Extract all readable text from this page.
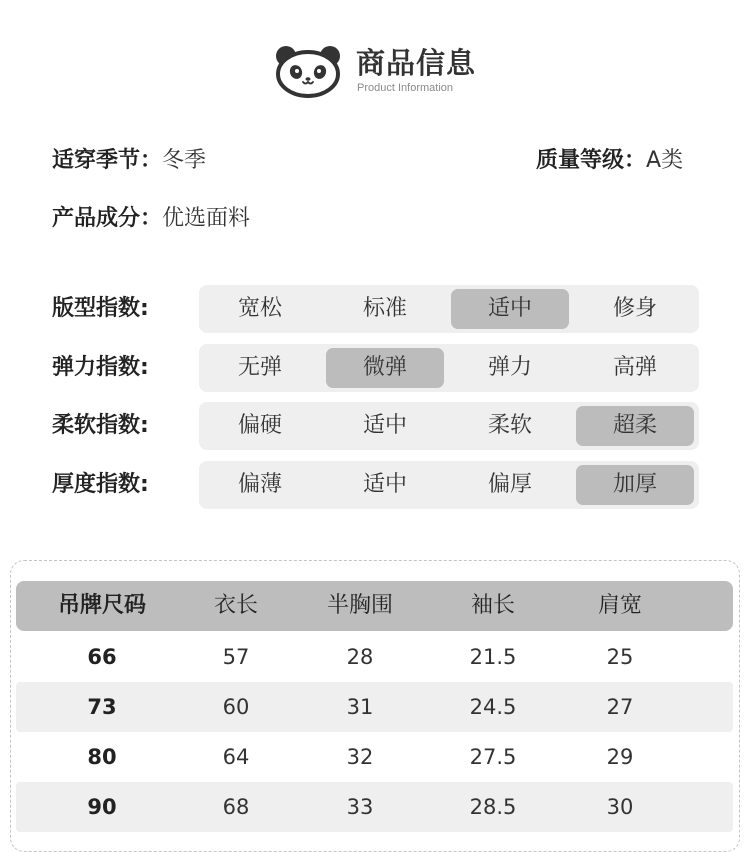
商品信息
Product Information
适穿季节：冬季	质量等级：A类
产品成分：优选面料
版型指数:	宽松	标准	适中	修身
弹力指数:	无弹	微弹	弹力	高弹
柔软指数:	偏硬	适中	柔软	超柔
厚度指数:	偏薄	适中	偏厚	加厚
吊牌尺码	衣长	半胸围	袖长	肩宽
66	57	28	21.5	25
73	60	31	24.5	27
80	64	32	27.5	29
90	68	33	28.5	30
